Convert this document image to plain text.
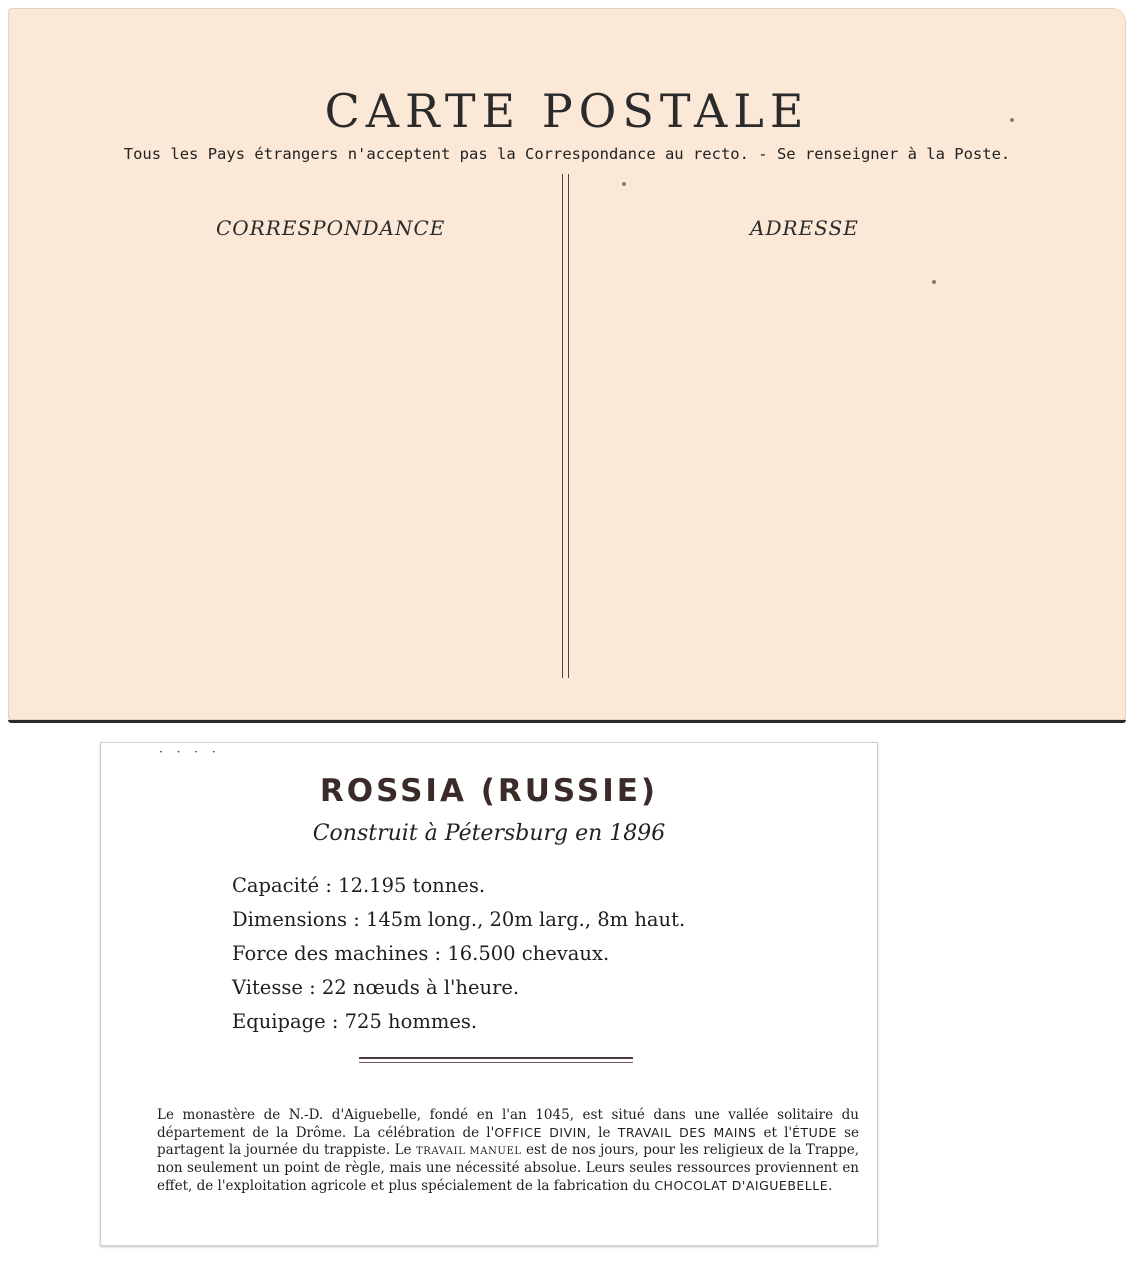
CARTE POSTALE
Tous les Pays étrangers n'acceptent pas la Correspondance au recto. - Se renseigner à la Poste.
CORRESPONDANCE	ADRESSE
· · · ·
ROSSIA (RUSSIE)
Construit à Pétersburg en 1896
Capacité : 12.195 tonnes.
Dimensions : 145m long., 20m larg., 8m haut.
Force des machines : 16.500 chevaux.
Vitesse : 22 nœuds à l'heure.
Equipage : 725 hommes.

Le monastère de N.-D. d'Aiguebelle, fondé en l'an 1045, est situé dans une vallée solitaire du département de la Drôme. La célébration de l'OFFICE DIVIN, le TRAVAIL DES MAINS et l'ÉTUDE se partagent la journée du trappiste. Le TRAVAIL MANUEL est de nos jours, pour les religieux de la Trappe, non seulement un point de règle, mais une nécessité absolue. Leurs seules ressources proviennent en effet, de l'exploitation agricole et plus spécialement de la fabrication du CHOCOLAT D'AIGUEBELLE.
